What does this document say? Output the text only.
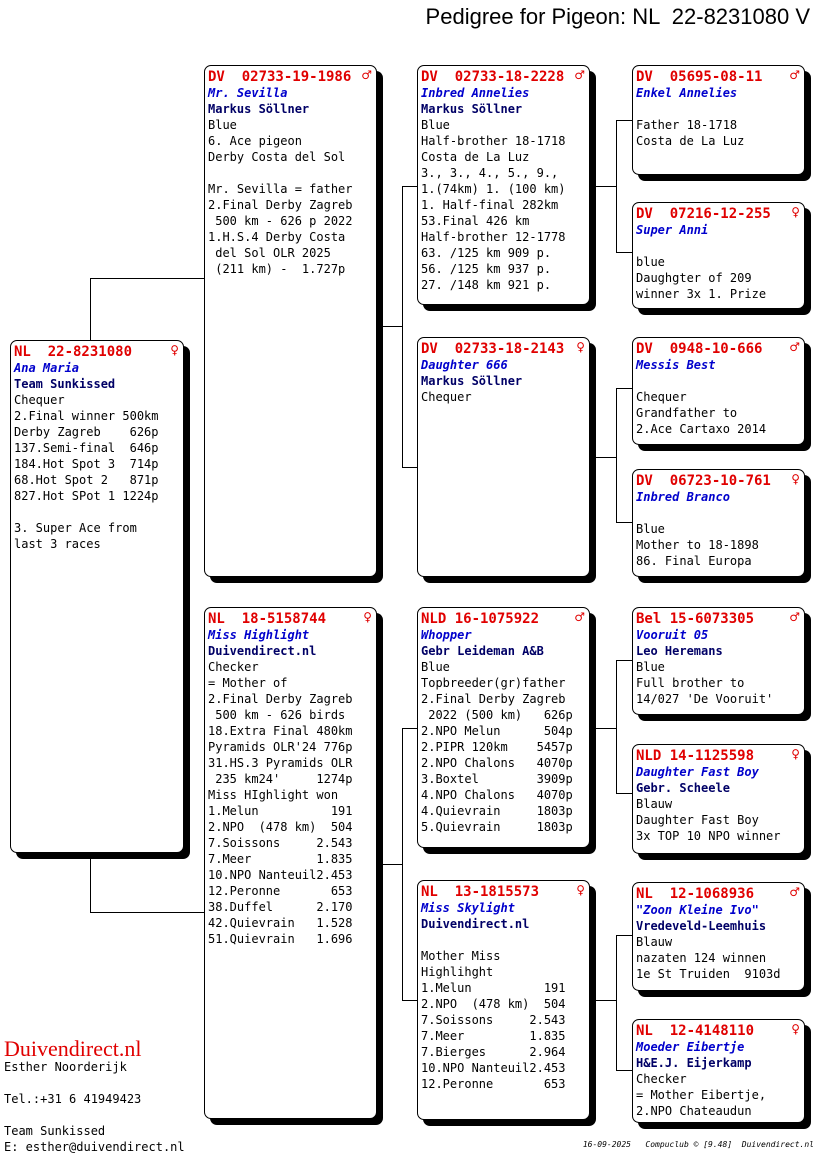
Pedigree for Pigeon: NL  22-8231080 V
NL  22-8231080	♀
Ana Maria
Team Sunkissed
Chequer
2.Final winner 500km
Derby Zagreb    626p
137.Semi-final  646p
184.Hot Spot 3  714p
68.Hot Spot 2   871p
827.Hot SPot 1 1224p
3. Super Ace from
last 3 races
DV  02733-19-1986 ♂
Mr. Sevilla
Markus Söllner
Blue
6. Ace pigeon
Derby Costa del Sol
Mr. Sevilla = father
2.Final Derby Zagreb
500 km - 626 p 2022
1.H.S.4 Derby Costa
del Sol OLR 2025
(211 km) -  1.727p
NL  18-5158744	♀
Miss Highlight
Duivendirect.nl
Checker
= Mother of
2.Final Derby Zagreb
500 km - 626 birds
18.Extra Final 480km
Pyramids OLR'24 776p
31.HS.3 Pyramids OLR
235 km24'     1274p
Miss HIghlight won
1.Melun          191
2.NPO  (478 km)  504
7.Soissons     2.543
7.Meer         1.835
10.NPO Nanteuil2.453
12.Peronne       653
38.Duffel      2.170
42.Quievrain   1.528
51.Quievrain   1.696
DV  02733-18-2228 ♂
Inbred Annelies
Markus Söllner
Blue
Half-brother 18-1718
Costa de La Luz
3., 3., 4., 5., 9.,
1.(74km) 1. (100 km)
1. Half-final 282km
53.Final 426 km
Half-brother 12-1778
63. /125 km 909 p.
56. /125 km 937 p.
27. /148 km 921 p.
DV  02733-18-2143 ♀
Daughter 666
Markus Söllner
Chequer
NLD 16-1075922	♂
Whopper
Gebr Leideman A&B
Blue
Topbreeder(gr)father
2.Final Derby Zagreb
2022 (500 km)   626p
2.NPO Melun      504p
2.PIPR 120km    5457p
2.NPO Chalons   4070p
3.Boxtel        3909p
4.NPO Chalons   4070p
4.Quievrain     1803p
5.Quievrain     1803p
NL  13-1815573	♀
Miss Skylight
Duivendirect.nl
Mother Miss
Highlihght
1.Melun          191
2.NPO  (478 km)  504
7.Soissons     2.543
7.Meer         1.835
7.Bierges      2.964
10.NPO Nanteuil2.453
12.Peronne       653
DV  05695-08-11 ♂
Enkel Annelies
Father 18-1718
Costa de La Luz
DV  07216-12-255 ♀
Super Anni
blue
Daughgter of 209
winner 3x 1. Prize
DV  0948-10-666 ♂
Messis Best
Chequer
Grandfather to
2.Ace Cartaxo 2014
DV  06723-10-761 ♀
Inbred Branco
Blue
Mother to 18-1898
86. Final Europa
Bel 15-6073305	♂
Vooruit 05
Leo Heremans
Blue
Full brother to
14/027 'De Vooruit'
NLD 14-1125598	♀
Daughter Fast Boy
Gebr. Scheele
Blauw
Daughter Fast Boy
3x TOP 10 NPO winner
NL  12-1068936	♂
"Zoon Kleine Ivo"
Vredeveld-Leemhuis
Blauw
nazaten 124 winnen
1e St Truiden  9103d
NL  12-4148110	♀
Moeder Eibertje
H&E.J. Eijerkamp
Checker
= Mother Eibertje,
2.NPO Chateaudun
Duivendirect.nl
Esther Noorderijk
Tel.:+31 6 41949423
Team Sunkissed
E: esther@duivendirect.nl	16-09-2025   Compuclub © [9.48]  Duivendirect.nl
